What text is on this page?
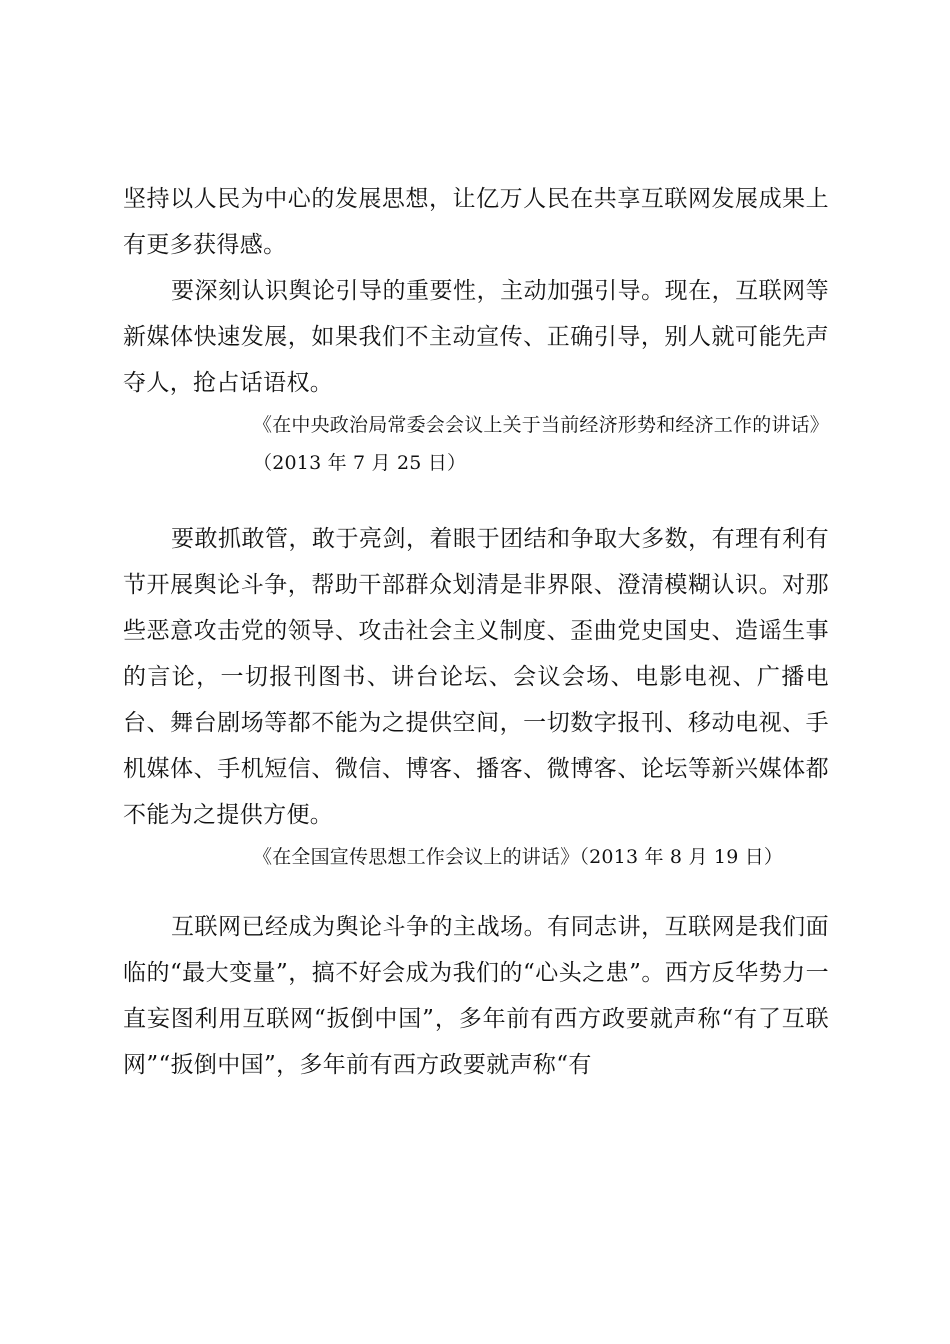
坚持以人民为中心的发展思想，让亿万人民在共享互联网发展成果上有更多获得感。

要深刻认识舆论引导的重要性，主动加强引导。现在，互联网等新媒体快速发展，如果我们不主动宣传、正确引导，别人就可能先声夺人，抢占话语权。

《在中央政治局常委会会议上关于当前经济形势和经济工作的讲话》（2013 年 7 月 25 日）

要敢抓敢管，敢于亮剑，着眼于团结和争取大多数，有理有利有节开展舆论斗争，帮助干部群众划清是非界限、澄清模糊认识。对那些恶意攻击党的领导、攻击社会主义制度、歪曲党史国史、造谣生事的言论，一切报刊图书、讲台论坛、会议会场、电影电视、广播电台、舞台剧场等都不能为之提供空间，一切数字报刊、移动电视、手机媒体、手机短信、微信、博客、播客、微博客、论坛等新兴媒体都不能为之提供方便。

《在全国宣传思想工作会议上的讲话》（2013 年 8 月 19 日）

互联网已经成为舆论斗争的主战场。有同志讲，互联网是我们面临的“最大变量”，搞不好会成为我们的“心头之患”。西方反华势力一直妄图利用互联网“扳倒中国”，多年前有西方政要就声称“有了互联网”“扳倒中国”，多年前有西方政要就声称“有
